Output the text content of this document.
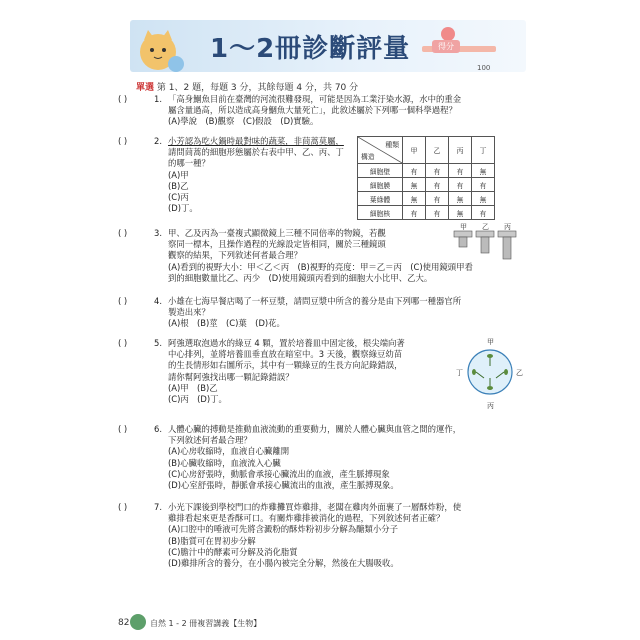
1～2冊診斷評量	得分
100
單選 第 1、2 題，每題 3 分，其餘每題 4 分，共 70 分
( )	1. 「高身鯝魚目前在臺灣的河流很難發現，可能是因為工業汙染水源，水中的重金
屬含量過高，所以造成高身鯝魚大量死亡」，此敘述屬於下列哪一個科學過程？
(A)學說　(B)觀察　(C)假設　(D)實驗。
( )	2. 小芳認為吃火鍋時最對味的蔬菜，非茼蒿莫屬，
請問茼蒿的細胞形態屬於右表中甲、乙、丙、丁
的哪一種？
(A)甲
(B)乙
(C)丙
(D)丁。
種類
構造	甲	乙	丙	丁
細胞壁	有	有	有	無
細胞膜	無	有	有	有
葉綠體	無	有	無	無
細胞核	有	有	無	有
( )	3. 甲、乙及丙為一臺複式顯微鏡上三種不同倍率的物鏡，若觀
察同一標本，且操作過程的光線設定皆相同，關於三種鏡頭
觀察的結果，下列敘述何者最合理？
(A)看到的視野大小：甲＜乙＜丙　(B)視野的亮度：甲＝乙＝丙　(C)使用鏡頭甲看
到的細胞數量比乙、丙少　(D)使用鏡頭丙看到的細胞大小比甲、乙大。
甲 乙 丙
( )	4. 小雄在七海早餐店喝了一杯豆漿，請問豆漿中所含的養分是由下列哪一種器官所
製造出來？
(A)根　(B)莖　(C)葉　(D)花。
( )	5. 阿強選取泡過水的綠豆 4 顆，置於培養皿中固定後，根尖端向著
中心排列，並將培養皿垂直放在暗室中。3 天後，觀察綠豆幼苗
的生長情形如右圖所示，其中有一顆綠豆的生長方向記錄錯誤，
請你幫阿強找出哪一顆記錄錯誤？
(A)甲　(B)乙
(C)丙　(D)丁。
甲
乙
丙
丁
( )	6. 人體心臟的搏動是推動血液流動的重要動力，關於人體心臟與血管之間的運作，
下列敘述何者最合理？
(A)心房收縮時，血液自心臟離開
(B)心臟收縮時，血液流入心臟
(C)心房舒張時，動脈會承接心臟流出的血液，產生脈搏現象
(D)心室舒張時，靜脈會承接心臟流出的血液，產生脈搏現象。
( )	7. 小光下課後到學校門口的炸雞攤買炸雞排，老闆在雞肉外面裹了一層酥炸粉，使
雞排看起來更是香酥可口。有關炸雞排被消化的過程，下列敘述何者正確？
(A)口腔中的唾液可先將含澱粉的酥炸粉初步分解為醣類小分子
(B)脂質可在胃初步分解
(C)膽汁中的酵素可分解及消化脂質
(D)雞排所含的養分，在小腸內被完全分解，然後在大腸吸收。
82	自然 1 - 2 冊複習講義【生物】
